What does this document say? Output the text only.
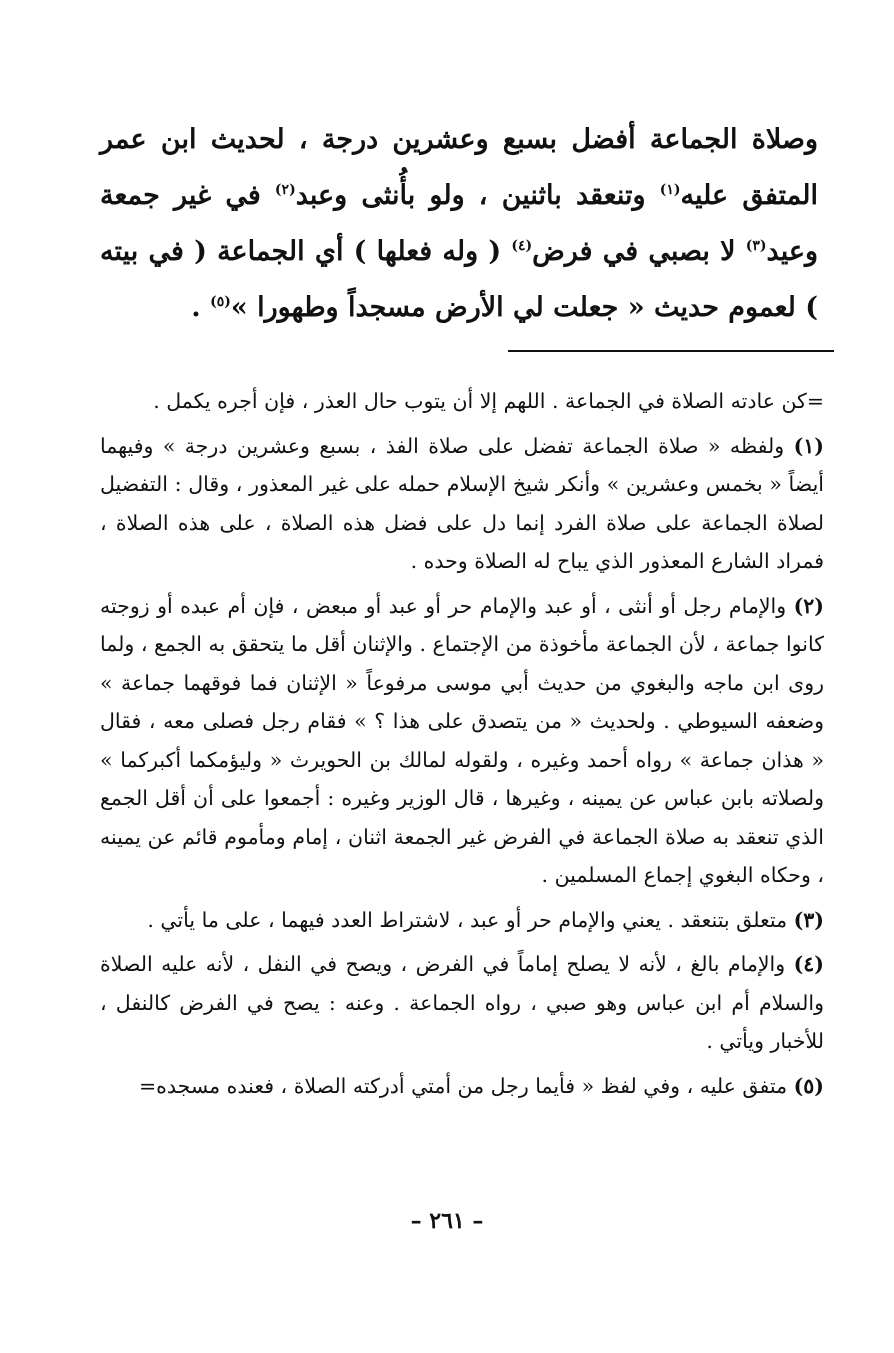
وصلاة الجماعة أفضل بسبع وعشرين درجة ، لحديث ابن عمر المتفق عليه$^{(١)}$ وتنعقد باثنين ، ولو بأُنثى وعبد$^{(٢)}$ في غير جمعة وعيد$^{(٣)}$ لا بصبي في فرض$^{(٤)}$ ( وله فعلها ) أي الجماعة ( في بيته ) لعموم حديث « جعلت لي الأرض مسجداً وطهورا »$^{(٥)}$ .

=كن عادته الصلاة في الجماعة . اللهم إلا أن يتوب حال العذر ، فإن أجره يكمل .

(١) ولفظه « صلاة الجماعة تفضل على صلاة الفذ ، بسبع وعشرين درجة » وفيهما أيضاً « بخمس وعشرين » وأنكر شيخ الإسلام حمله على غير المعذور ، وقال : التفضيل لصلاة الجماعة على صلاة الفرد إنما دل على فضل هذه الصلاة ، على هذه الصلاة ، فمراد الشارع المعذور الذي يباح له الصلاة وحده .

(٢) والإمام رجل أو أنثى ، أو عبد والإمام حر أو عبد أو مبعض ، فإن أم عبده أو زوجته كانوا جماعة ، لأن الجماعة مأخوذة من الإجتماع . والإثنان أقل ما يتحقق به الجمع ، ولما روى ابن ماجه والبغوي من حديث أبي موسى مرفوعاً « الإثنان فما فوقهما جماعة » وضعفه السيوطي . ولحديث « من يتصدق على هذا ؟ » فقام رجل فصلى معه ، فقال « هذان جماعة » رواه أحمد وغيره ، ولقوله لمالك بن الحويرث « وليؤمكما أكبركما » ولصلاته بابن عباس عن يمينه ، وغيرها ، قال الوزير وغيره : أجمعوا على أن أقل الجمع الذي تنعقد به صلاة الجماعة في الفرض غير الجمعة اثنان ، إمام ومأموم قائم عن يمينه ، وحكاه البغوي إجماع المسلمين .

(٣) متعلق بتنعقد . يعني والإمام حر أو عبد ، لاشتراط العدد فيهما ، على ما يأتي .

(٤) والإمام بالغ ، لأنه لا يصلح إماماً في الفرض ، ويصح في النفل ، لأنه عليه الصلاة والسلام أم ابن عباس وهو صبي ، رواه الجماعة . وعنه : يصح في الفرض كالنفل ، للأخبار ويأتي .

(٥) متفق عليه ، وفي لفظ « فأيما رجل من أمتي أدركته الصلاة ، فعنده مسجده=

– ٢٦١ –
